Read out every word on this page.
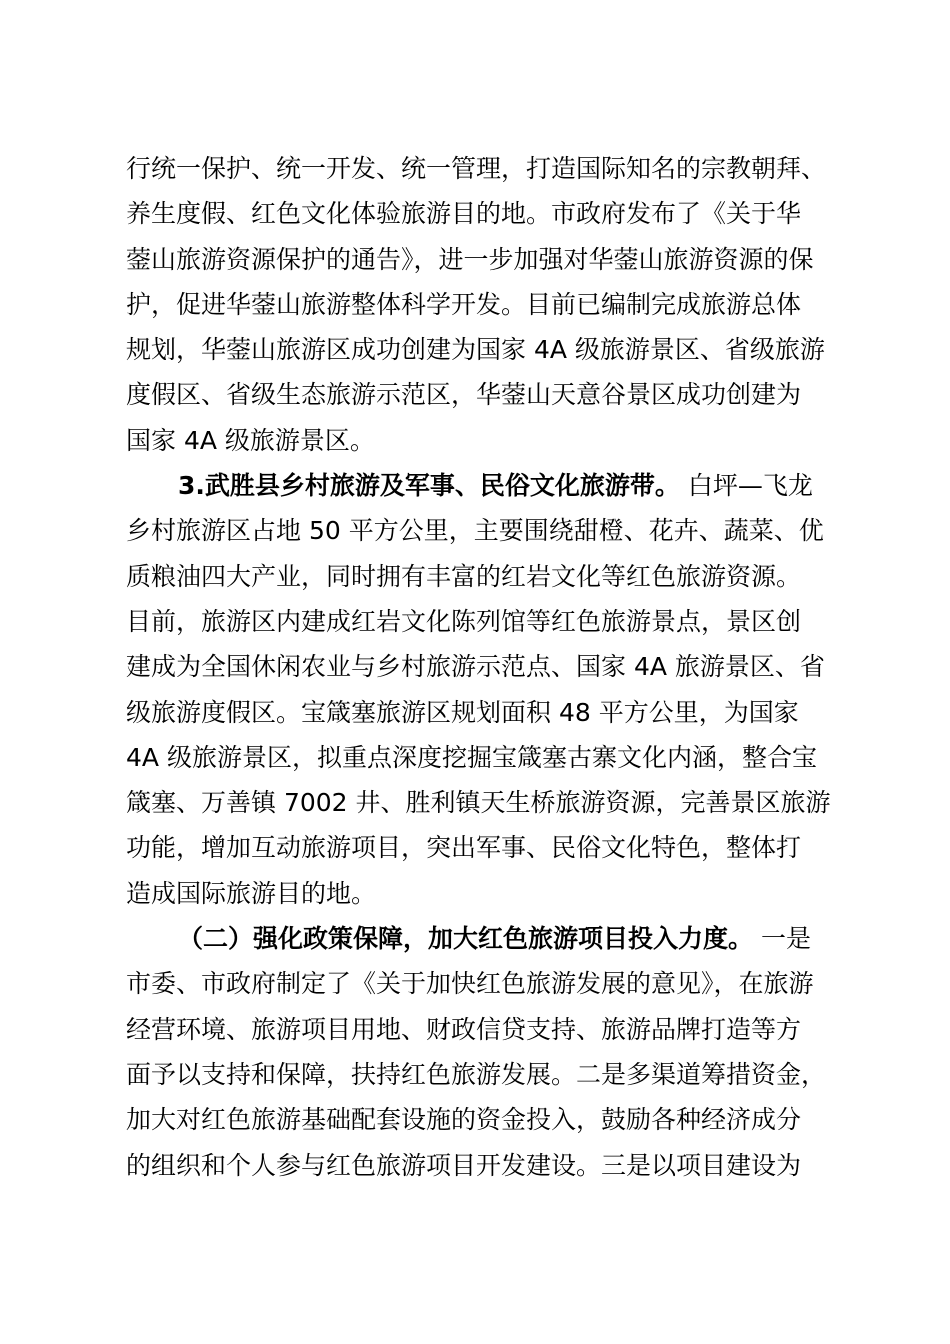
行统一保护、统一开发、统一管理，打造国际知名的宗教朝拜、
养生度假、红色文化体验旅游目的地。市政府发布了《关于华
蓥山旅游资源保护的通告》，进一步加强对华蓥山旅游资源的保
护，促进华蓥山旅游整体科学开发。目前已编制完成旅游总体
规划，华蓥山旅游区成功创建为国家 4A 级旅游景区、省级旅游
度假区、省级生态旅游示范区，华蓥山天意谷景区成功创建为
国家 4A 级旅游景区。
3.武胜县乡村旅游及军事、民俗文化旅游带。 白坪—飞龙
乡村旅游区占地 50 平方公里，主要围绕甜橙、花卉、蔬菜、优
质粮油四大产业，同时拥有丰富的红岩文化等红色旅游资源。
目前，旅游区内建成红岩文化陈列馆等红色旅游景点，景区创
建成为全国休闲农业与乡村旅游示范点、国家 4A 旅游景区、省
级旅游度假区。宝箴塞旅游区规划面积 48 平方公里，为国家
4A 级旅游景区，拟重点深度挖掘宝箴塞古寨文化内涵，整合宝
箴塞、万善镇 7002 井、胜利镇天生桥旅游资源，完善景区旅游
功能，增加互动旅游项目，突出军事、民俗文化特色，整体打
造成国际旅游目的地。
（二）强化政策保障，加大红色旅游项目投入力度。 一是
市委、市政府制定了《关于加快红色旅游发展的意见》，在旅游
经营环境、旅游项目用地、财政信贷支持、旅游品牌打造等方
面予以支持和保障，扶持红色旅游发展。二是多渠道筹措资金，
加大对红色旅游基础配套设施的资金投入，鼓励各种经济成分
的组织和个人参与红色旅游项目开发建设。三是以项目建设为
